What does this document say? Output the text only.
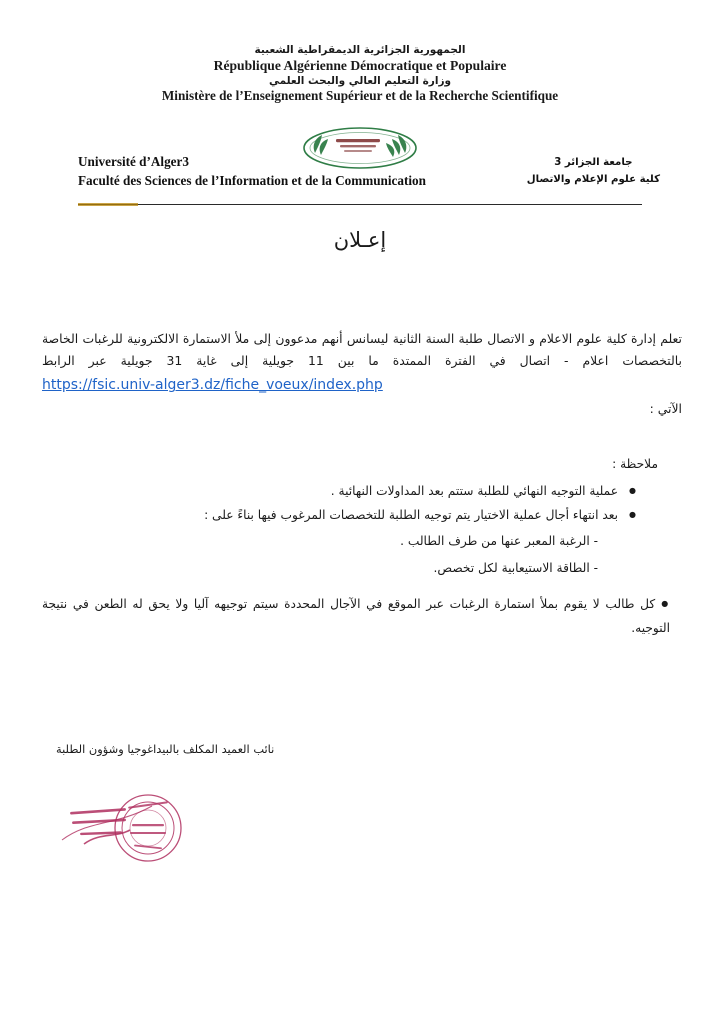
الجمهورية الجزائرية الديمقراطية الشعبية
République Algérienne Démocratique et Populaire
وزارة التعليم العالي والبحث العلمي
Ministère de l’Enseignement Supérieur et de la Recherche Scientifique
Université d’Alger3
Faculté des Sciences de l’Information et de la Communication
جامعة الجزائر 3
كلية علوم الإعلام والاتصال
إعـلان
تعلم إدارة كلية علوم الاعلام و الاتصال طلبة السنة الثانية ليسانس أنهم مدعوون إلى ملأ الاستمارة الالكترونية للرغبات الخاصة بالتخصصات اعلام - اتصال في الفترة الممتدة ما بين 11 جويلية إلى غاية 31 جويلية عبر الرابط
https://fsic.univ-alger3.dz/fiche_voeux/index.php
الآتي :
ملاحظة :
● عملية التوجيه النهائي للطلبة ستتم بعد المداولات النهائية .
● بعد انتهاء أجال عملية الاختيار يتم توجيه الطلبة للتخصصات المرغوب فيها بناءً على :
- الرغبة المعبر عنها من طرف الطالب .
- الطاقة الاستيعابية لكل تخصص.
●كل طالب لا يقوم بملأ استمارة الرغبات عبر الموقع في الآجال المحددة سيتم توجيهه آليا ولا يحق له الطعن في نتيجة التوجيه.
نائب العميد المكلف بالبيداغوجيا وشؤون الطلبة
